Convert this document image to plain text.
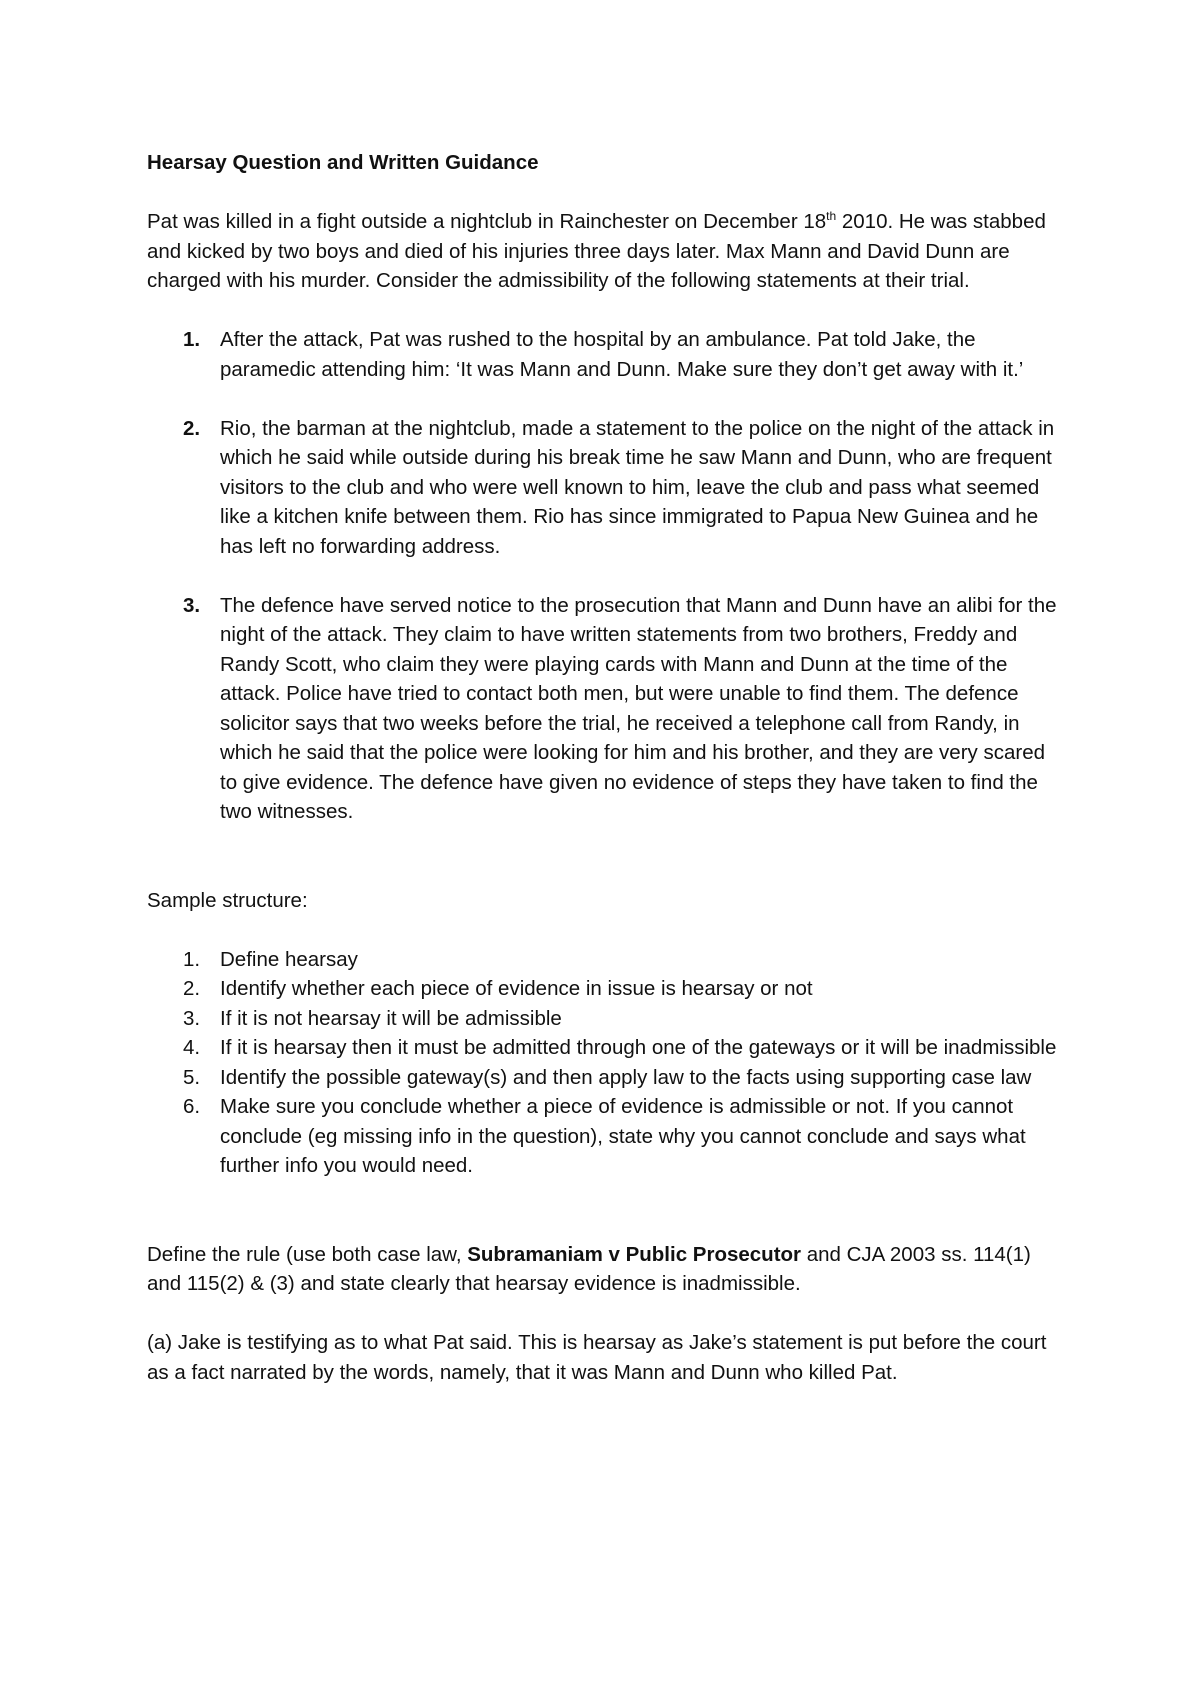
Hearsay Question and Written Guidance

Pat was killed in a fight outside a nightclub in Rainchester on December 18th 2010. He was stabbed and kicked by two boys and died of his injuries three days later. Max Mann and David Dunn are charged with his murder. Consider the admissibility of the following statements at their trial.

1. After the attack, Pat was rushed to the hospital by an ambulance. Pat told Jake, the paramedic attending him: ‘It was Mann and Dunn. Make sure they don’t get away with it.’
2. Rio, the barman at the nightclub, made a statement to the police on the night of the attack in which he said while outside during his break time he saw Mann and Dunn, who are frequent visitors to the club and who were well known to him, leave the club and pass what seemed like a kitchen knife between them. Rio has since immigrated to Papua New Guinea and he has left no forwarding address.
3. The defence have served notice to the prosecution that Mann and Dunn have an alibi for the night of the attack. They claim to have written statements from two brothers, Freddy and Randy Scott, who claim they were playing cards with Mann and Dunn at the time of the attack. Police have tried to contact both men, but were unable to find them. The defence solicitor says that two weeks before the trial, he received a telephone call from Randy, in which he said that the police were looking for him and his brother, and they are very scared to give evidence. The defence have given no evidence of steps they have taken to find the two witnesses.

Sample structure:

1. Define hearsay
2. Identify whether each piece of evidence in issue is hearsay or not
3. If it is not hearsay it will be admissible
4. If it is hearsay then it must be admitted through one of the gateways or it will be inadmissible
5. Identify the possible gateway(s) and then apply law to the facts using supporting case law
6. Make sure you conclude whether a piece of evidence is admissible or not. If you cannot conclude (eg missing info in the question), state why you cannot conclude and says what further info you would need.

Define the rule (use both case law, Subramaniam v Public Prosecutor and CJA 2003 ss. 114(1) and 115(2) & (3) and state clearly that hearsay evidence is inadmissible.

(a) Jake is testifying as to what Pat said. This is hearsay as Jake’s statement is put before the court as a fact narrated by the words, namely, that it was Mann and Dunn who killed Pat.
